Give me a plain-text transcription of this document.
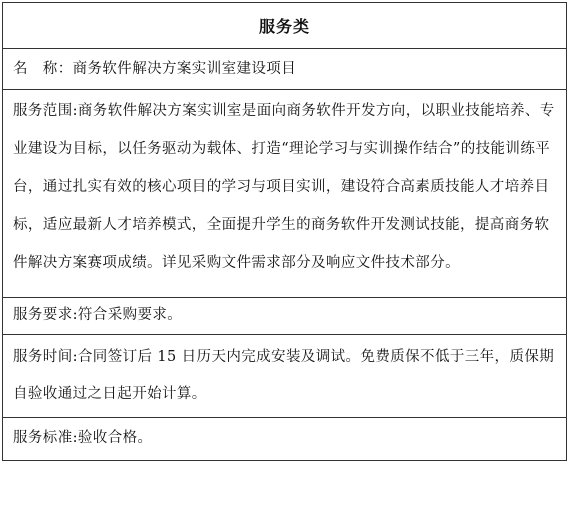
服务类
名　称：商务软件解决方案实训室建设项目
服务范围:商务软件解决方案实训室是面向商务软件开发方向，以职业技能培养、专业建设为目标，以任务驱动为载体、打造“理论学习与实训操作结合”的技能训练平台，通过扎实有效的核心项目的学习与项目实训，建设符合高素质技能人才培养目标，适应最新人才培养模式，全面提升学生的商务软件开发测试技能，提高商务软件解决方案赛项成绩。详见采购文件需求部分及响应文件技术部分。
服务要求:符合采购要求。
服务时间:合同签订后 15 日历天内完成安装及调试。免费质保不低于三年，质保期自验收通过之日起开始计算。
服务标准:验收合格。
